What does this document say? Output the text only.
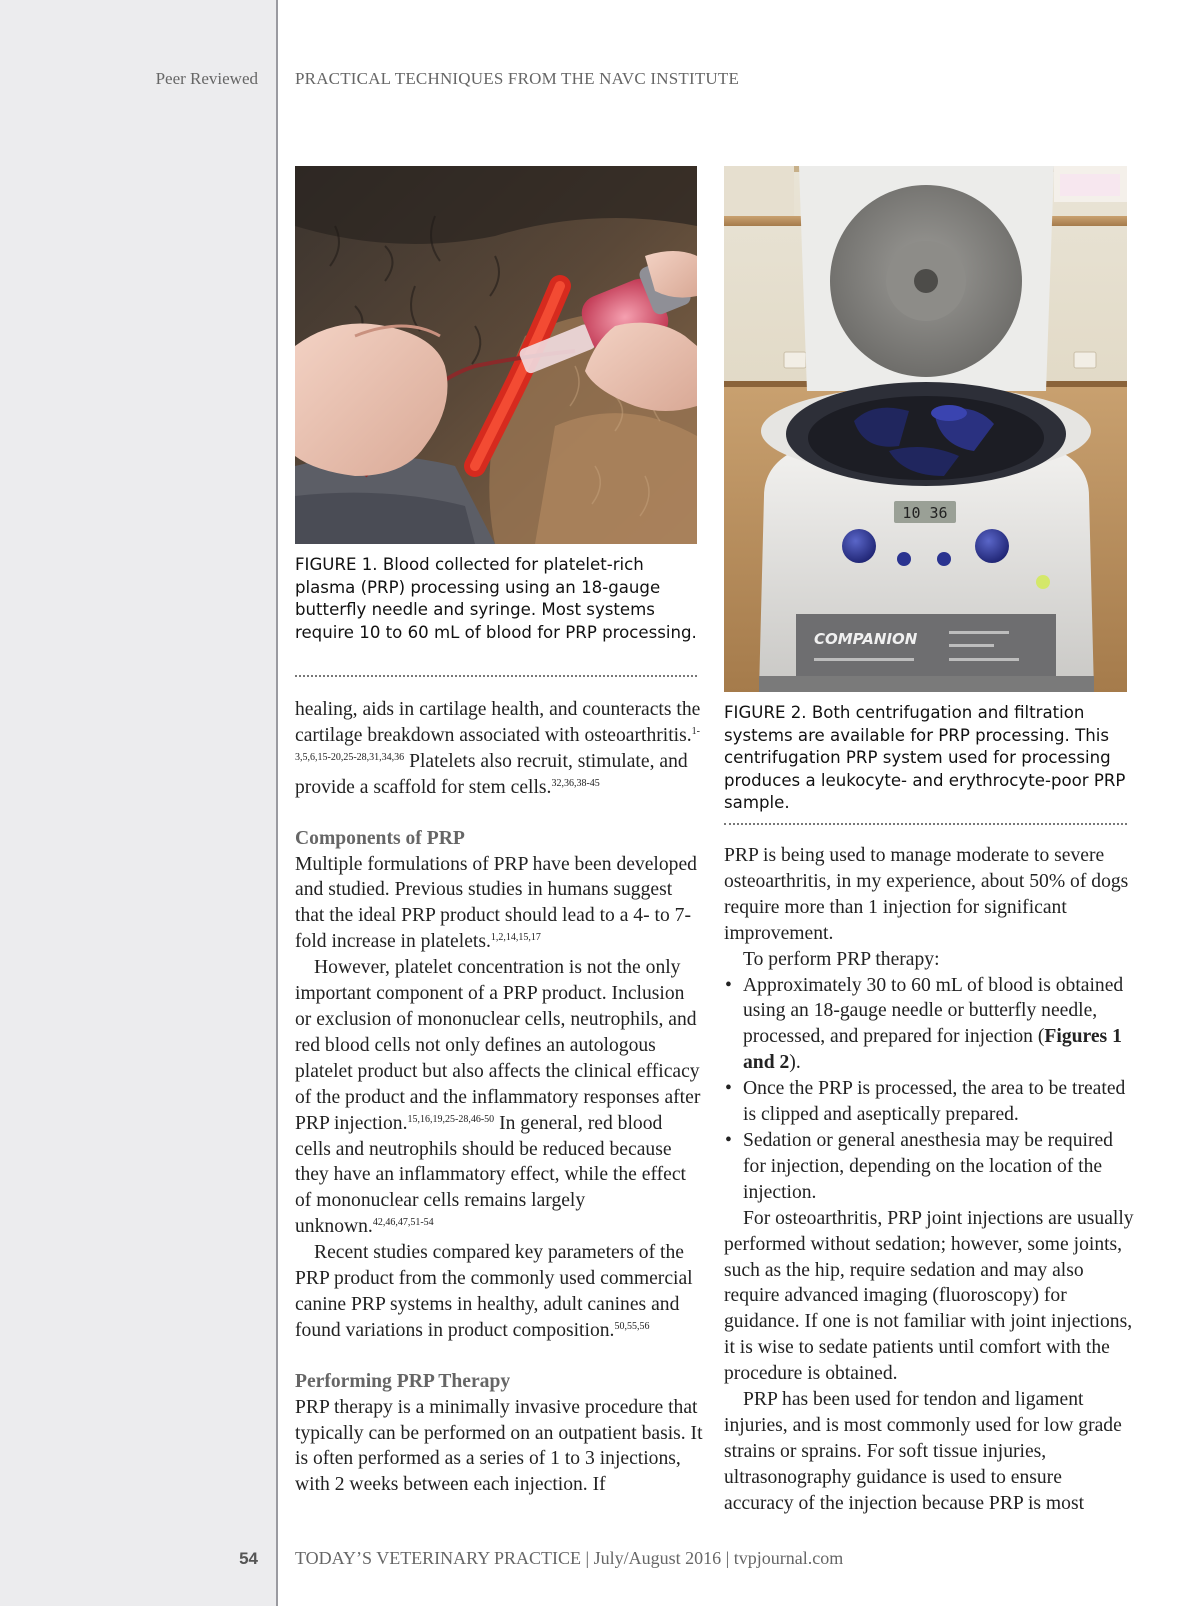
Peer Reviewed PRACTICAL TECHNIQUES FROM THE NAVC INSTITUTE

FIGURE 1. Blood collected for platelet-rich plasma (PRP) processing using an 18-gauge butterfly needle and syringe. Most systems require 10 to 60 mL of blood for PRP processing.

10 36
COMPANION

FIGURE 2. Both centrifugation and filtration systems are available for PRP processing. This centrifugation PRP system used for processing produces a leukocyte- and erythrocyte-poor PRP sample.

healing, aids in cartilage health, and counteracts the cartilage breakdown associated with osteoarthritis.$^{1-3,5,6,15-20,25-28,31,34,36}$ Platelets also recruit, stimulate, and provide a scaffold for stem cells.$^{32,36,38-45}$

Components of PRP

Multiple formulations of PRP have been developed and studied. Previous studies in humans suggest that the ideal PRP product should lead to a 4- to 7-fold increase in platelets.$^{1,2,14,15,17}$

However, platelet concentration is not the only important component of a PRP product. Inclusion or exclusion of mononuclear cells, neutrophils, and red blood cells not only defines an autologous platelet product but also affects the clinical efficacy of the product and the inflammatory responses after PRP injection.$^{15,16,19,25-28,46-50}$ In general, red blood cells and neutrophils should be reduced because they have an inflammatory effect, while the effect of mononuclear cells remains largely unknown.$^{42,46,47,51-54}$

Recent studies compared key parameters of the PRP product from the commonly used commercial canine PRP systems in healthy, adult canines and found variations in product composition.$^{50,55,56}$

Performing PRP Therapy

PRP therapy is a minimally invasive procedure that typically can be performed on an outpatient basis. It is often performed as a series of 1 to 3 injections, with 2 weeks between each injection. If

PRP is being used to manage moderate to severe osteoarthritis, in my experience, about 50% of dogs require more than 1 injection for significant improvement.

To perform PRP therapy:

• Approximately 30 to 60 mL of blood is obtained using an 18-gauge needle or butterfly needle, processed, and prepared for injection (Figures 1 and 2).
• Once the PRP is processed, the area to be treated is clipped and aseptically prepared.
• Sedation or general anesthesia may be required for injection, depending on the location of the injection.

For osteoarthritis, PRP joint injections are usually performed without sedation; however, some joints, such as the hip, require sedation and may also require advanced imaging (fluoroscopy) for guidance. If one is not familiar with joint injections, it is wise to sedate patients until comfort with the procedure is obtained.

PRP has been used for tendon and ligament injuries, and is most commonly used for low grade strains or sprains. For soft tissue injuries, ultrasonography guidance is used to ensure accuracy of the injection because PRP is most

54 TODAY’S VETERINARY PRACTICE | July/August 2016 | tvpjournal.com
